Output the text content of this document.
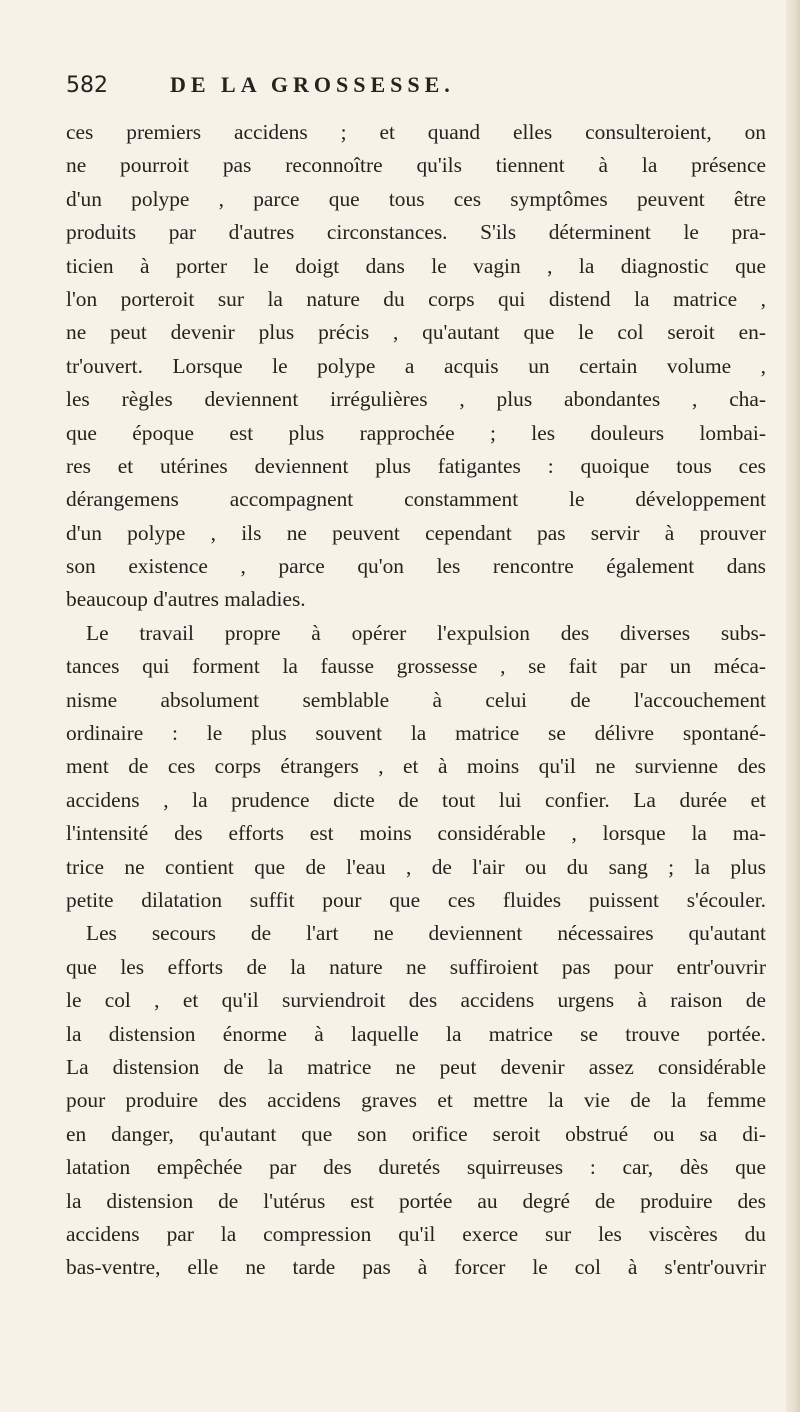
582	DE LA GROSSESSE.
ces premiers accidens ; et quand elles consulteroient, on
ne pourroit pas reconnoître qu'ils tiennent à la présence
d'un polype , parce que tous ces symptômes peuvent être
produits par d'autres circonstances. S'ils déterminent le pra-
ticien à porter le doigt dans le vagin , la diagnostic que
l'on porteroit sur la nature du corps qui distend la matrice ,
ne peut devenir plus précis , qu'autant que le col seroit en-
tr'ouvert. Lorsque le polype a acquis un certain volume ,
les règles deviennent irrégulières , plus abondantes , cha-
que époque est plus rapprochée ; les douleurs lombai-
res et utérines deviennent plus fatigantes : quoique tous ces
dérangemens accompagnent constamment le développement
d'un polype , ils ne peuvent cependant pas servir à prouver
son existence , parce qu'on les rencontre également dans
beaucoup d'autres maladies.
Le travail propre à opérer l'expulsion des diverses subs-
tances qui forment la fausse grossesse , se fait par un méca-
nisme absolument semblable à celui de l'accouchement
ordinaire : le plus souvent la matrice se délivre spontané-
ment de ces corps étrangers , et à moins qu'il ne survienne des
accidens , la prudence dicte de tout lui confier. La durée et
l'intensité des efforts est moins considérable , lorsque la ma-
trice ne contient que de l'eau , de l'air ou du sang ; la plus
petite dilatation suffit pour que ces fluides puissent s'écouler.
Les secours de l'art ne deviennent nécessaires qu'autant
que les efforts de la nature ne suffiroient pas pour entr'ouvrir
le col , et qu'il surviendroit des accidens urgens à raison de
la distension énorme à laquelle la matrice se trouve portée.
La distension de la matrice ne peut devenir assez considérable
pour produire des accidens graves et mettre la vie de la femme
en danger, qu'autant que son orifice seroit obstrué ou sa di-
latation empêchée par des duretés squirreuses : car, dès que
la distension de l'utérus est portée au degré de produire des
accidens par la compression qu'il exerce sur les viscères du
bas-ventre, elle ne tarde pas à forcer le col à s'entr'ouvrir
